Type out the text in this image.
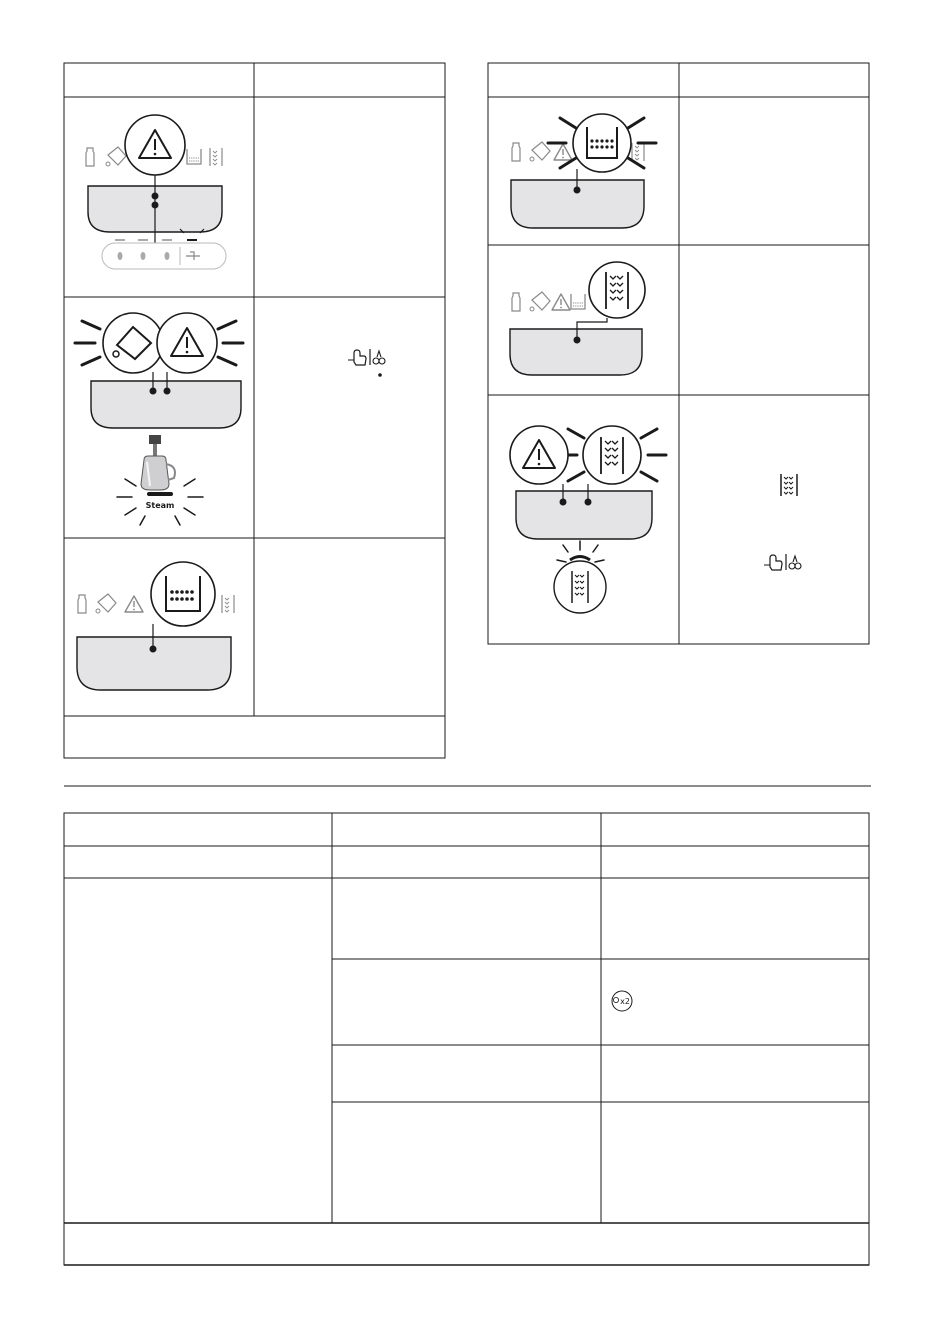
Steam
x2
